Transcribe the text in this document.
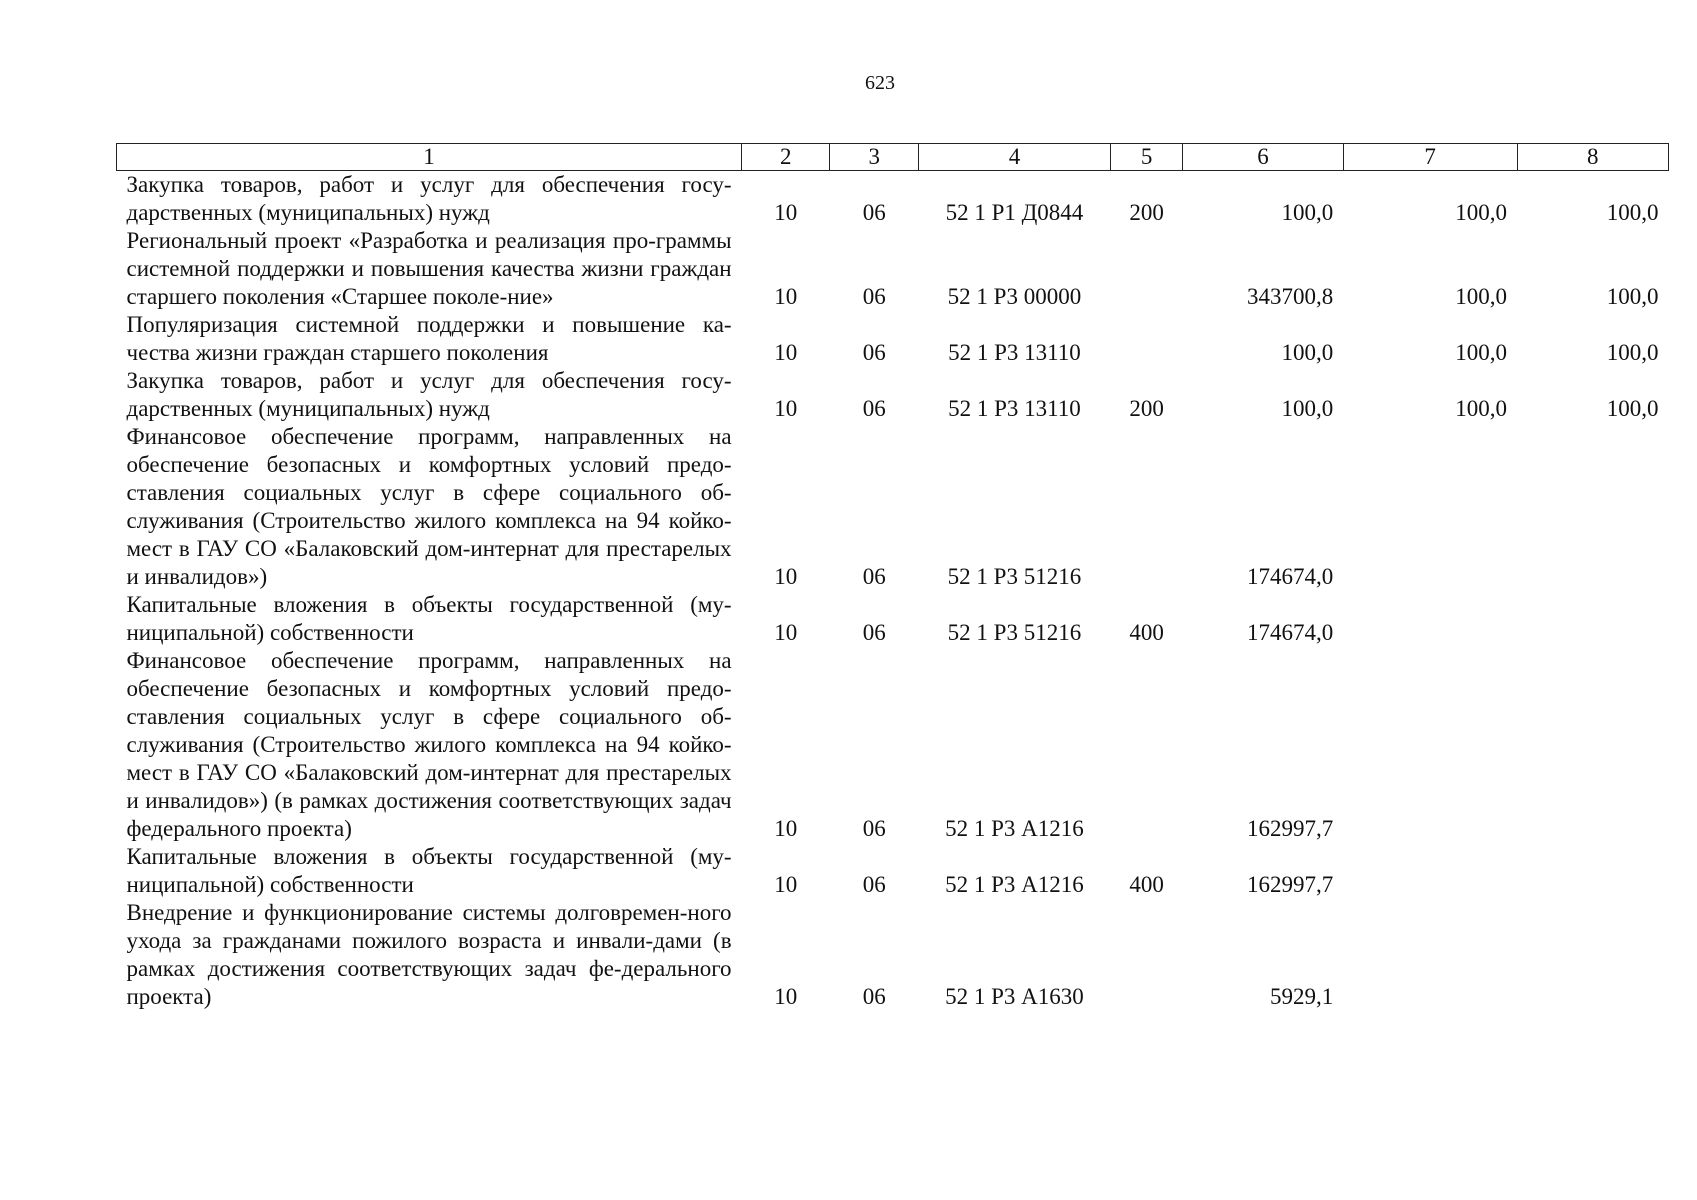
623
1	2	3	4	5	6	7	8
Закупка товаров, работ и услуг для обеспечения госу-дарственных (муниципальных) нужд	10	06	52 1 Р1 Д0844	200	100,0	100,0	100,0
Региональный проект «Разработка и реализация про-граммы системной поддержки и повышения качества жизни граждан старшего поколения «Старшее поколе-ние»	10	06	52 1 Р3 00000		343700,8	100,0	100,0
Популяризация системной поддержки и повышение ка-чества жизни граждан старшего поколения	10	06	52 1 Р3 13110		100,0	100,0	100,0
Закупка товаров, работ и услуг для обеспечения госу-дарственных (муниципальных) нужд	10	06	52 1 Р3 13110	200	100,0	100,0	100,0
Финансовое обеспечение программ, направленных на обеспечение безопасных и комфортных условий предо-ставления социальных услуг в сфере социального об-служивания (Строительство жилого комплекса на 94 койко-мест в ГАУ СО «Балаковский дом-интернат для престарелых и инвалидов»)	10	06	52 1 Р3 51216		174674,0		
Капитальные вложения в объекты государственной (му-ниципальной) собственности	10	06	52 1 Р3 51216	400	174674,0		
Финансовое обеспечение программ, направленных на обеспечение безопасных и комфортных условий предо-ставления социальных услуг в сфере социального об-служивания (Строительство жилого комплекса на 94 койко-мест в ГАУ СО «Балаковский дом-интернат для престарелых и инвалидов») (в рамках достижения соответствующих задач федерального проекта)	10	06	52 1 Р3 А1216		162997,7		
Капитальные вложения в объекты государственной (му-ниципальной) собственности	10	06	52 1 Р3 А1216	400	162997,7		
Внедрение и функционирование системы долговремен-ного ухода за гражданами пожилого возраста и инвали-дами (в рамках достижения соответствующих задач фе-дерального проекта)	10	06	52 1 Р3 А1630		5929,1		
